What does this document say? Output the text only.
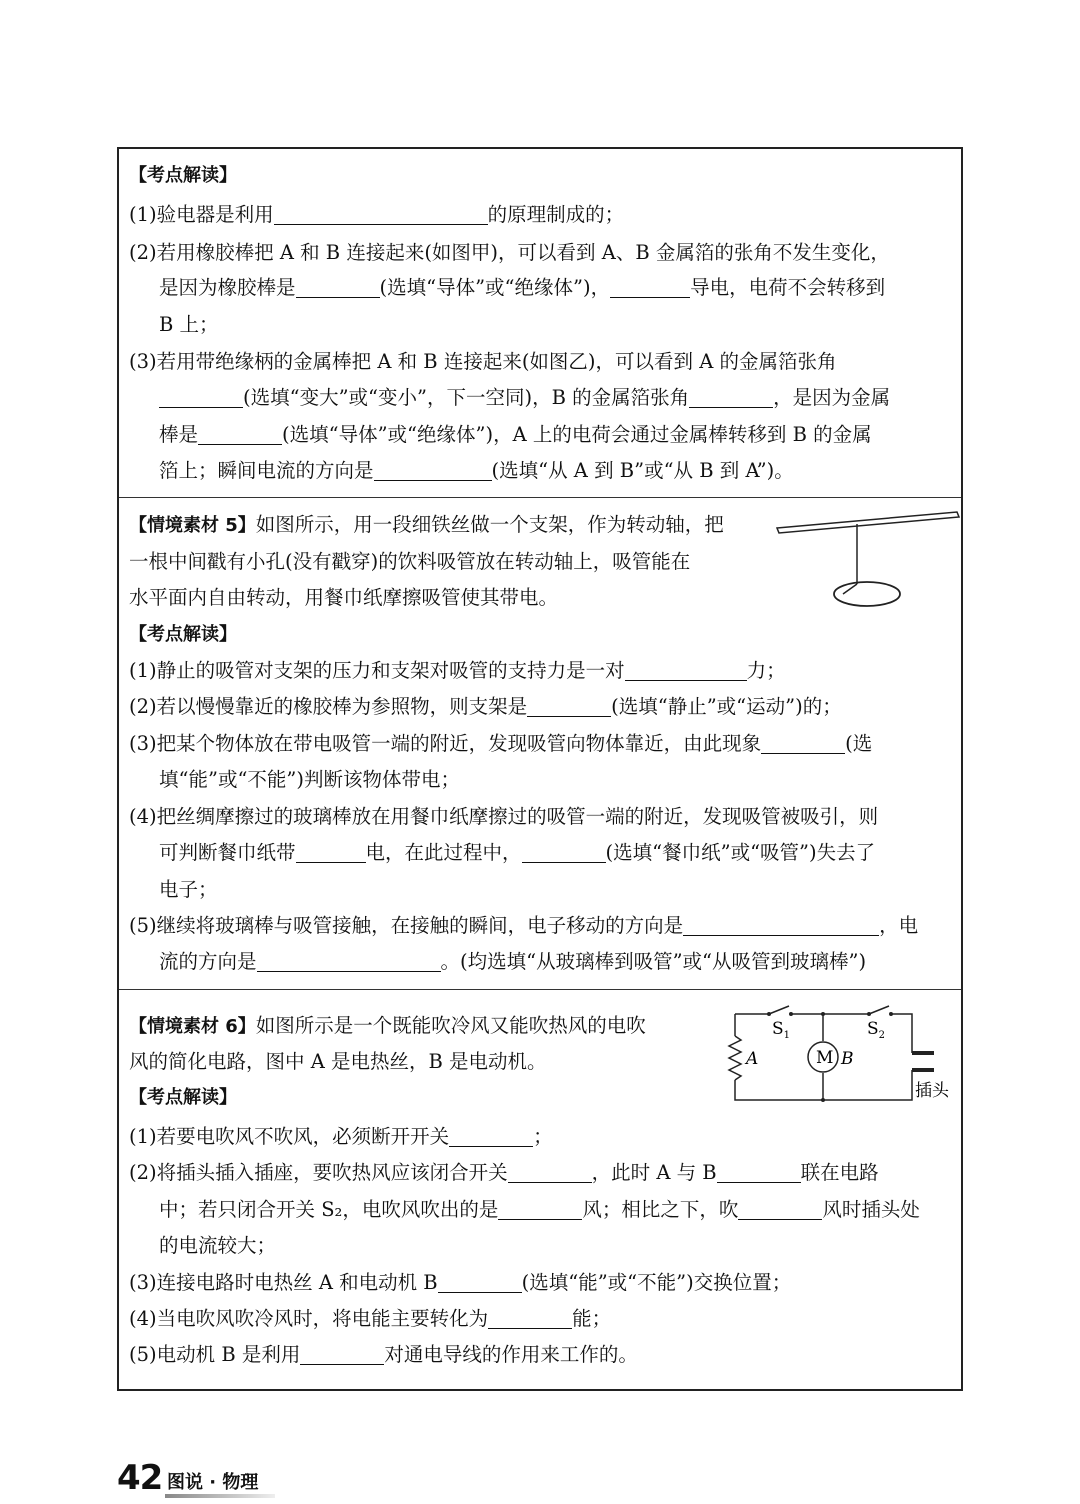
【考点解读】
(1)验电器是利用	的原理制成的；
(2)若用橡胶棒把 A 和 B 连接起来(如图甲)，可以看到 A、B 金属箔的张角不发生变化，
是因为橡胶棒是	(选填“导体”或“绝缘体”)，	导电，电荷不会转移到
B 上；
(3)若用带绝缘柄的金属棒把 A 和 B 连接起来(如图乙)，可以看到 A 的金属箔张角
(选填“变大”或“变小”，下一空同)，B 的金属箔张角	，是因为金属
棒是	(选填“导体”或“绝缘体”)，A 上的电荷会通过金属棒转移到 B 的金属
箔上；瞬间电流的方向是	(选填“从 A 到 B”或“从 B 到 A”)。
【情境素材 5】如图所示，用一段细铁丝做一个支架，作为转动轴，把
一根中间戳有小孔(没有戳穿)的饮料吸管放在转动轴上，吸管能在
水平面内自由转动，用餐巾纸摩擦吸管使其带电。
【考点解读】
(1)静止的吸管对支架的压力和支架对吸管的支持力是一对	力；
(2)若以慢慢靠近的橡胶棒为参照物，则支架是	(选填“静止”或“运动”)的；
(3)把某个物体放在带电吸管一端的附近，发现吸管向物体靠近，由此现象	(选
填“能”或“不能”)判断该物体带电；
(4)把丝绸摩擦过的玻璃棒放在用餐巾纸摩擦过的吸管一端的附近，发现吸管被吸引，则
可判断餐巾纸带	电，在此过程中，	(选填“餐巾纸”或“吸管”)失去了
电子；
(5)继续将玻璃棒与吸管接触，在接触的瞬间，电子移动的方向是	，电
流的方向是	。(均选填“从玻璃棒到吸管”或“从吸管到玻璃棒”)
【情境素材 6】如图所示是一个既能吹冷风又能吹热风的电吹
风的简化电路，图中 A 是电热丝，B 是电动机。
$S_1$	$S_2$
A	M B
插头
【考点解读】
(1)若要电吹风不吹风，必须断开开关	；
(2)将插头插入插座，要吹热风应该闭合开关	，此时 A 与 B	联在电路
中；若只闭合开关 S₂，电吹风吹出的是	风；相比之下，吹	风时插头处
的电流较大；
(3)连接电路时电热丝 A 和电动机 B	(选填“能”或“不能”)交换位置；
(4)当电吹风吹冷风时，将电能主要转化为	能；
(5)电动机 B 是利用	对通电导线的作用来工作的。
42 图说 · 物理
